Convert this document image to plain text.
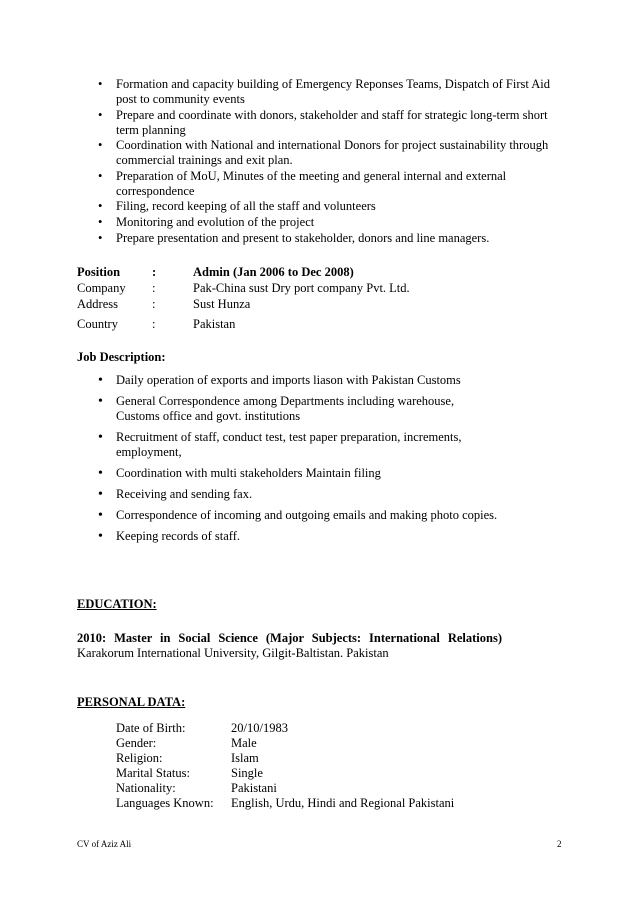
• Formation and capacity building of Emergency Reponses Teams, Dispatch of First Aid post to community events
• Prepare and coordinate with donors, stakeholder and staff for strategic long-term short term planning
• Coordination with National and international Donors for project sustainability through commercial trainings and exit plan.
• Preparation of MoU, Minutes of the meeting and general internal and external correspondence
• Filing, record keeping of all the staff and volunteers
• Monitoring and evolution of the project
• Prepare presentation and present to stakeholder, donors and line managers.
Position	:	Admin (Jan 2006 to Dec 2008)
Company :	Pak-China sust Dry port company Pvt. Ltd.
Address	:	Sust Hunza
Country	:	Pakistan
Job Description:
• Daily operation of exports and imports liason with Pakistan Customs
• General Correspondence among Departments including warehouse, Customs office and govt. institutions
• Recruitment of staff, conduct test, test paper preparation, increments, employment,
• Coordination with multi stakeholders Maintain filing
• Receiving and sending fax.
• Correspondence of incoming and outgoing emails and making photo copies.
• Keeping records of staff.
EDUCATION:
2010: Master in Social Science (Major Subjects: International Relations)
Karakorum International University, Gilgit-Baltistan. Pakistan
PERSONAL DATA:
Date of Birth:	20/10/1983
Gender:	Male
Religion:	Islam
Marital Status:	Single
Nationality:	Pakistani
Languages Known: English, Urdu, Hindi and Regional Pakistani
CV of Aziz Ali	2
